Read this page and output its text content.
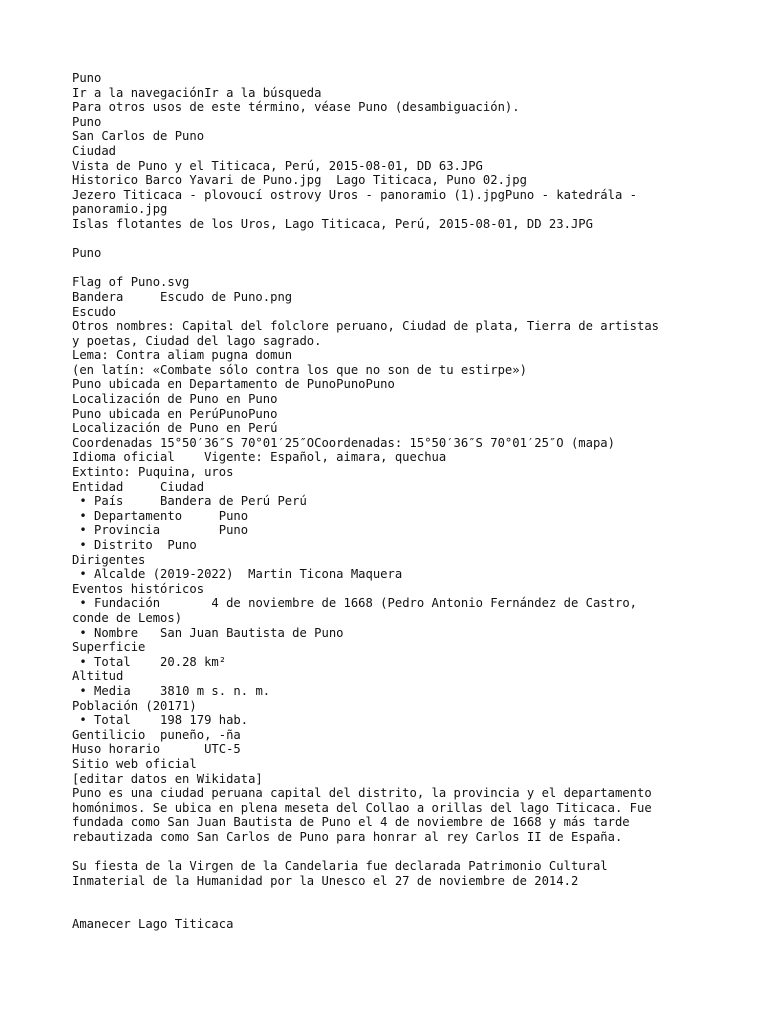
Puno
Ir a la navegaciónIr a la búsqueda
Para otros usos de este término, véase Puno (desambiguación).
Puno
San Carlos de Puno
Ciudad
Vista de Puno y el Titicaca, Perú, 2015-08-01, DD 63.JPG
Historico Barco Yavari de Puno.jpg  Lago Titicaca, Puno 02.jpg
Jezero Titicaca - plovoucí ostrovy Uros - panoramio (1).jpgPuno - katedrála - panoramio.jpg
Islas flotantes de los Uros, Lago Titicaca, Perú, 2015-08-01, DD 23.JPG
Puno
Flag of Puno.svg
Bandera     Escudo de Puno.png
Escudo
Otros nombres: Capital del folclore peruano, Ciudad de plata, Tierra de artistas y poetas, Ciudad del lago sagrado.
Lema: Contra aliam pugna domun
(en latín: «Combate sólo contra los que no son de tu estirpe»)
Puno ubicada en Departamento de PunoPunoPuno
Localización de Puno en Puno
Puno ubicada en PerúPunoPuno
Localización de Puno en Perú
Coordenadas 15°50′36″S 70°01′25″OCoordenadas: 15°50′36″S 70°01′25″O (mapa)
Idioma oficial    Vigente: Español, aimara, quechua
Extinto: Puquina, uros
Entidad     Ciudad
• País     Bandera de Perú Perú
• Departamento     Puno
• Provincia        Puno
• Distrito  Puno
Dirigentes
• Alcalde (2019-2022)  Martin Ticona Maquera
Eventos históricos
• Fundación       4 de noviembre de 1668 (Pedro Antonio Fernández de Castro, conde de Lemos)
• Nombre   San Juan Bautista de Puno
Superficie
• Total    20.28 km²
Altitud
• Media    3810 m s. n. m.
Población (20171)
• Total    198 179 hab.
Gentilicio  puneño, -ña
Huso horario      UTC-5
Sitio web oficial
[editar datos en Wikidata]
Puno es una ciudad peruana capital del distrito, la provincia y el departamento homónimos. Se ubica en plena meseta del Collao a orillas del lago Titicaca. Fue fundada como San Juan Bautista de Puno el 4 de noviembre de 1668 y más tarde rebautizada como San Carlos de Puno para honrar al rey Carlos II de España.
Su fiesta de la Virgen de la Candelaria fue declarada Patrimonio Cultural Inmaterial de la Humanidad por la Unesco el 27 de noviembre de 2014.2
Amanecer Lago Titicaca
